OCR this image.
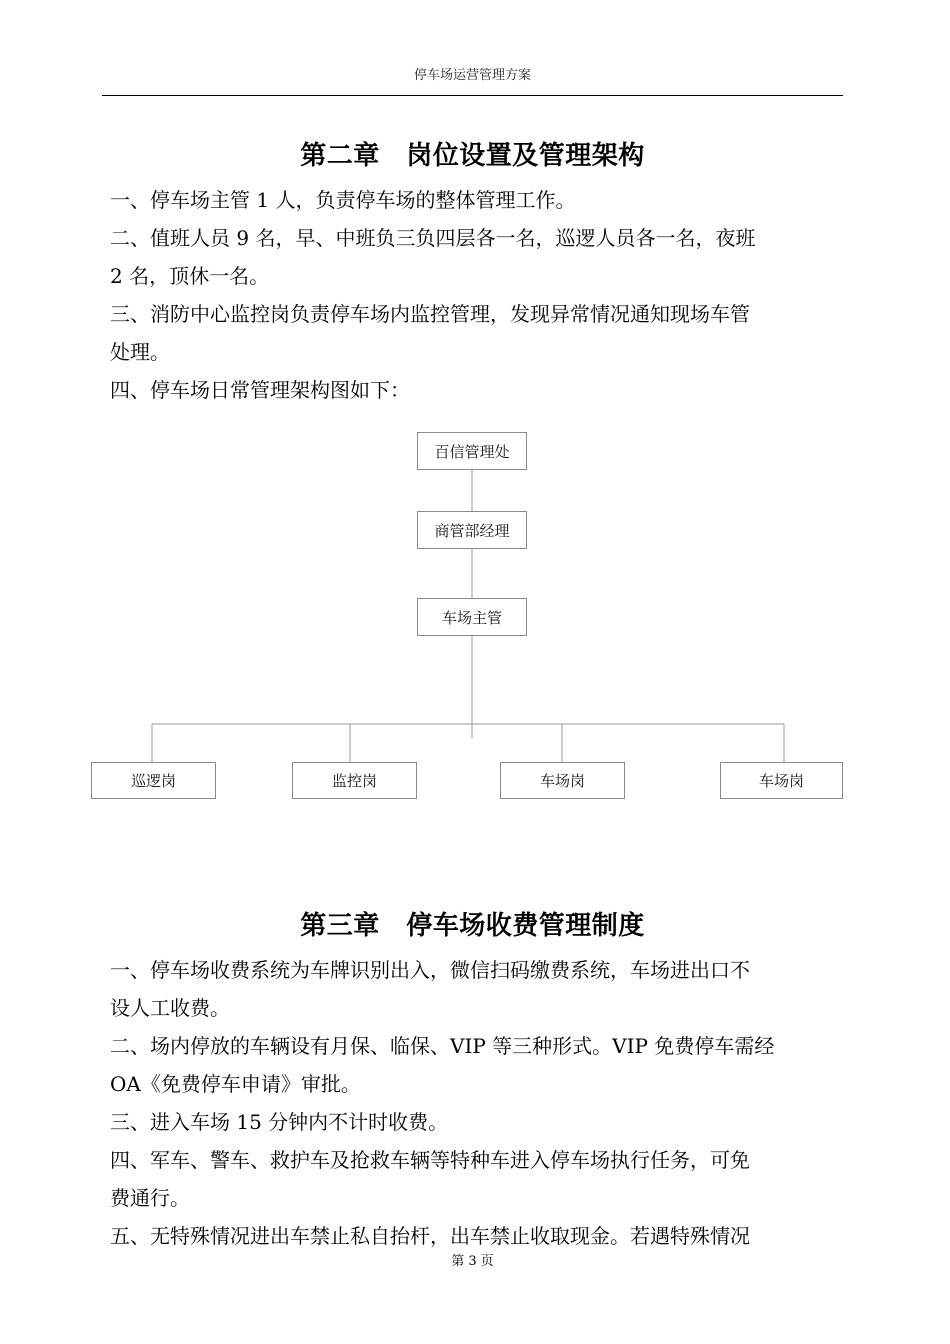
停车场运营管理方案
第二章　岗位设置及管理架构

一、停车场主管 1 人，负责停车场的整体管理工作。

二、值班人员 9 名，早、中班负三负四层各一名，巡逻人员各一名，夜班

2 名，顶休一名。

三、消防中心监控岗负责停车场内监控管理，发现异常情况通知现场车管

处理。

四、停车场日常管理架构图如下：

百信管理处
商管部经理
车场主管
巡逻岗	监控岗	车场岗	车场岗
第三章　停车场收费管理制度

一、停车场收费系统为车牌识别出入，微信扫码缴费系统，车场进出口不

设人工收费。

二、场内停放的车辆设有月保、临保、VIP 等三种形式。VIP 免费停车需经

OA《免费停车申请》审批。

三、进入车场 15 分钟内不计时收费。

四、军车、警车、救护车及抢救车辆等特种车进入停车场执行任务，可免

费通行。

五、无特殊情况进出车禁止私自抬杆，出车禁止收取现金。若遇特殊情况

第 3 页
